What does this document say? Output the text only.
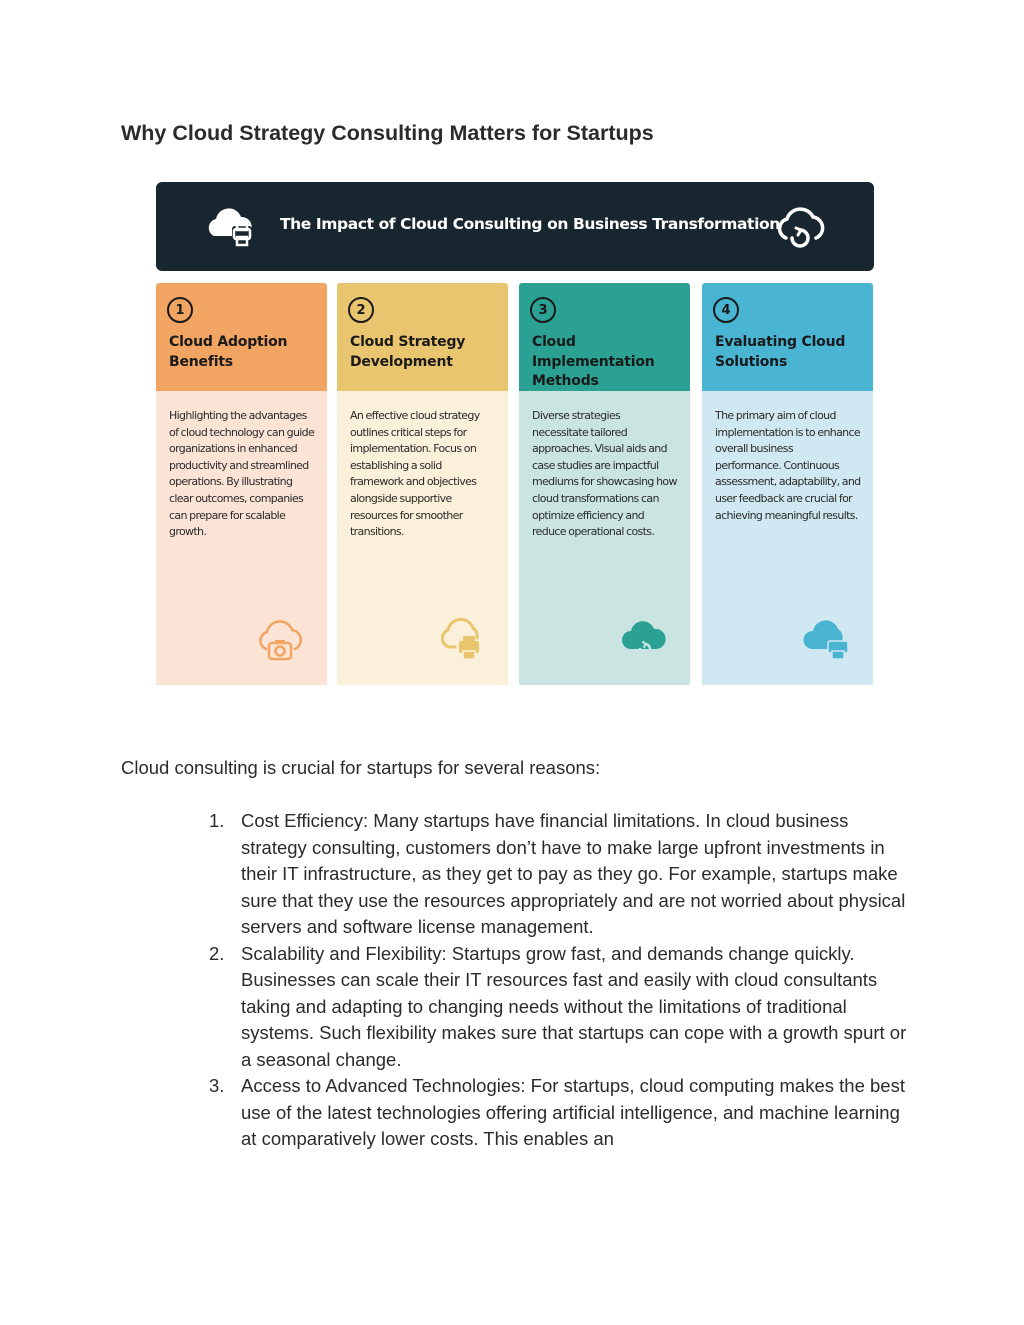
Why Cloud Strategy Consulting Matters for Startups
The Impact of Cloud Consulting on Business Transformation
1
Cloud Adoption Benefits
Highlighting the advantages of cloud technology can guide organizations in enhanced productivity and streamlined operations. By illustrating clear outcomes, companies can prepare for scalable growth.
2
Cloud Strategy Development
An effective cloud strategy outlines critical steps for implementation. Focus on establishing a solid framework and objectives alongside supportive resources for smoother transitions.
3
Cloud Implementation Methods
Diverse strategies necessitate tailored approaches. Visual aids and case studies are impactful mediums for showcasing how cloud transformations can optimize efficiency and reduce operational costs.
4
Evaluating Cloud Solutions
The primary aim of cloud implementation is to enhance overall business performance. Continuous assessment, adaptability, and user feedback are crucial for achieving meaningful results.

Cloud consulting is crucial for startups for several reasons:

1. Cost Efficiency: Many startups have financial limitations. In cloud business strategy consulting, customers don’t have to make large upfront investments in their IT infrastructure, as they get to pay as they go. For example, startups make sure that they use the resources appropriately and are not worried about physical servers and software license management.

2. Scalability and Flexibility: Startups grow fast, and demands change quickly. Businesses can scale their IT resources fast and easily with cloud consultants taking and adapting to changing needs without the limitations of traditional systems. Such flexibility makes sure that startups can cope with a growth spurt or a seasonal change.

3. Access to Advanced Technologies: For startups, cloud computing makes the best use of the latest technologies offering artificial intelligence, and machine learning at comparatively lower costs. This enables an
